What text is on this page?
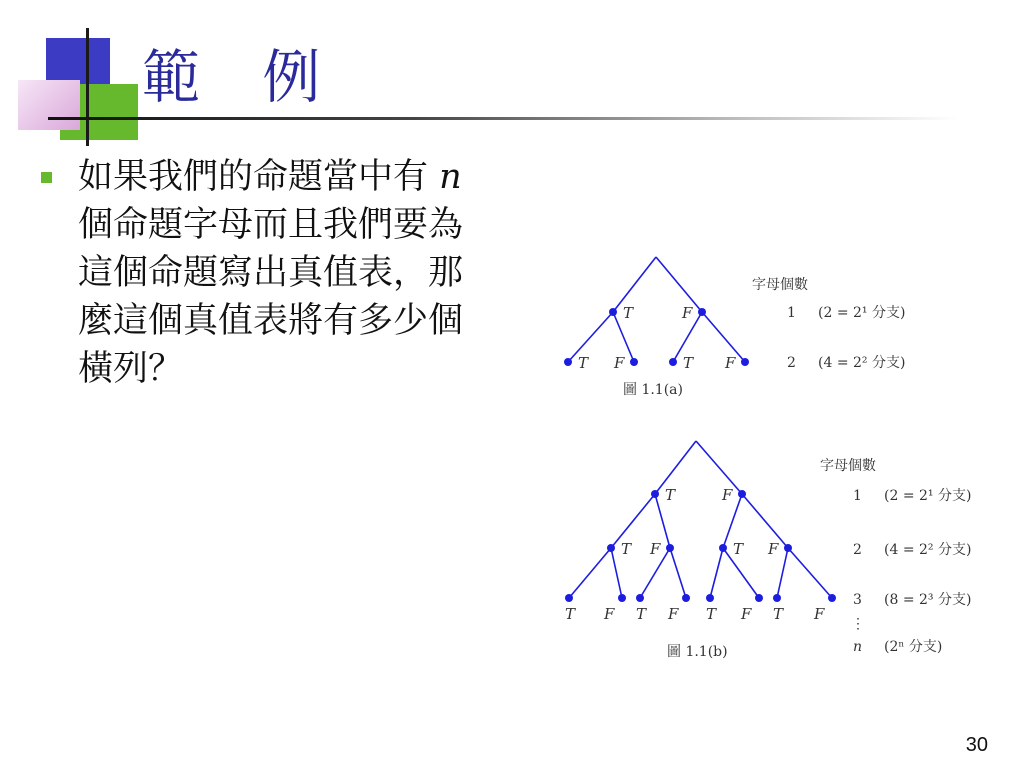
範 例

如果我們的命題當中有 n
個命題字母而且我們要為
這個命題寫出真值表，那
麼這個真值表將有多少個
橫列？

T	F
T F	T F
T	F
T F	T F
T F T F T F T F
字母個數
1 (2 = 2¹ 分支)
2 (4 = 2² 分支)
圖 1.1(a)
字母個數
1 (2 = 2¹ 分支)
2 (4 = 2² 分支)
3 (8 = 2³ 分支)
⋮
n (2ⁿ 分支)
圖 1.1(b)
30
